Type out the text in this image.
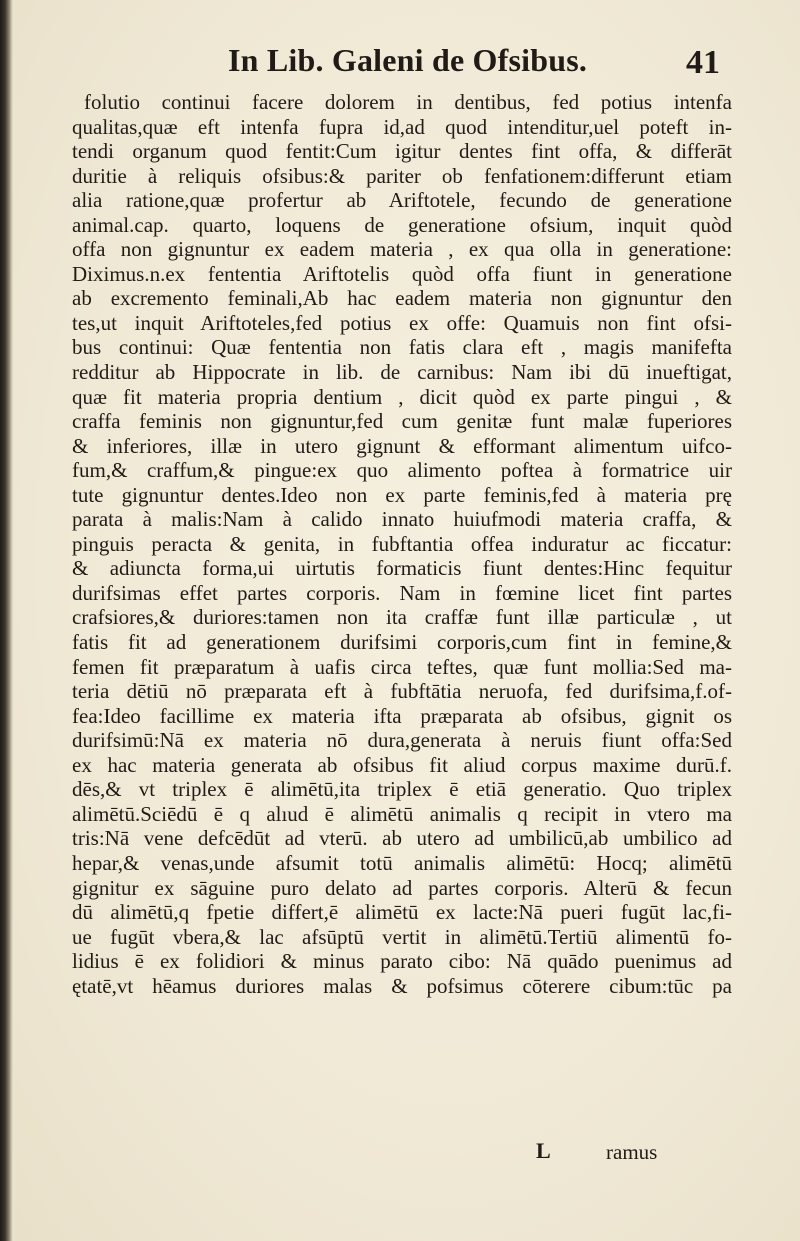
In Lib. Galeni de Ofsibus.	41
folutio continui facere dolorem in dentibus, fed potius intenfa
qualitas,quæ eft intenfa fupra id,ad quod intenditur,uel poteft in-
tendi organum quod fentit:Cum igitur dentes fint offa, & differāt
duritie à reliquis ofsibus:& pariter ob fenfationem:differunt etiam
alia ratione,quæ profertur ab Ariftotele, fecundo de generatione
animal.cap. quarto, loquens de generatione ofsium, inquit quòd
offa non gignuntur ex eadem materia , ex qua olla in generatione:
Diximus.n.ex fententia Ariftotelis quòd offa fiunt in generatione
ab excremento feminali,Ab hac eadem materia non gignuntur den
tes,ut inquit Ariftoteles,fed potius ex offe: Quamuis non fint ofsi-
bus continui: Quæ fententia non fatis clara eft , magis manifefta
redditur ab Hippocrate in lib. de carnibus: Nam ibi dū inueftigat,
quæ fit materia propria dentium , dicit quòd ex parte pingui , &
craffa feminis non gignuntur,fed cum genitæ funt malæ fuperiores
& inferiores, illæ in utero gignunt & efformant alimentum uifco-
fum,& craffum,& pingue:ex quo alimento poftea à formatrice uir
tute gignuntur dentes.Ideo non ex parte feminis,fed à materia prę
parata à malis:Nam à calido innato huiufmodi materia craffa, &
pinguis peracta & genita, in fubftantia offea induratur ac ficcatur:
& adiuncta forma,ui uirtutis formaticis fiunt dentes:Hinc fequitur
durifsimas effet partes corporis. Nam in fœmine licet fint partes
crafsiores,& duriores:tamen non ita craffæ funt illæ particulæ , ut
fatis fit ad generationem durifsimi corporis,cum fint in femine,&
femen fit præparatum à uafis circa teftes, quæ funt mollia:Sed ma-
teria dētiū nō præparata eft à fubftātia neruofa, fed durifsima,f.of-
fea:Ideo facillime ex materia ifta præparata ab ofsibus, gignit os
durifsimū:Nā ex materia nō dura,generata à neruis fiunt offa:Sed
ex hac materia generata ab ofsibus fit aliud corpus maxime durū.f.
dēs,& vt triplex ē alimētū,ita triplex ē etiā generatio. Quo triplex
alimētū.Sciēdū ē q alıud ē alimētū animalis q recipit in vtero ma
tris:Nā vene defcēdūt ad vterū. ab utero ad umbilicū,ab umbilico ad
hepar,& venas,unde afsumit totū animalis alimētū: Hocq; alimētū
gignitur ex sāguine puro delato ad partes corporis. Alterū & fecun
dū alimētū,q fpetie differt,ē alimētū ex lacte:Nā pueri fugūt lac,fi-
ue fugūt vbera,& lac afsūptū vertit in alimētū.Tertiū alimentū fo-
lidius ē ex folidiori & minus parato cibo: Nā quādo puenimus ad
ętatē,vt hēamus duriores malas & pofsimus cōterere cibum:tūc pa
L	ramus
